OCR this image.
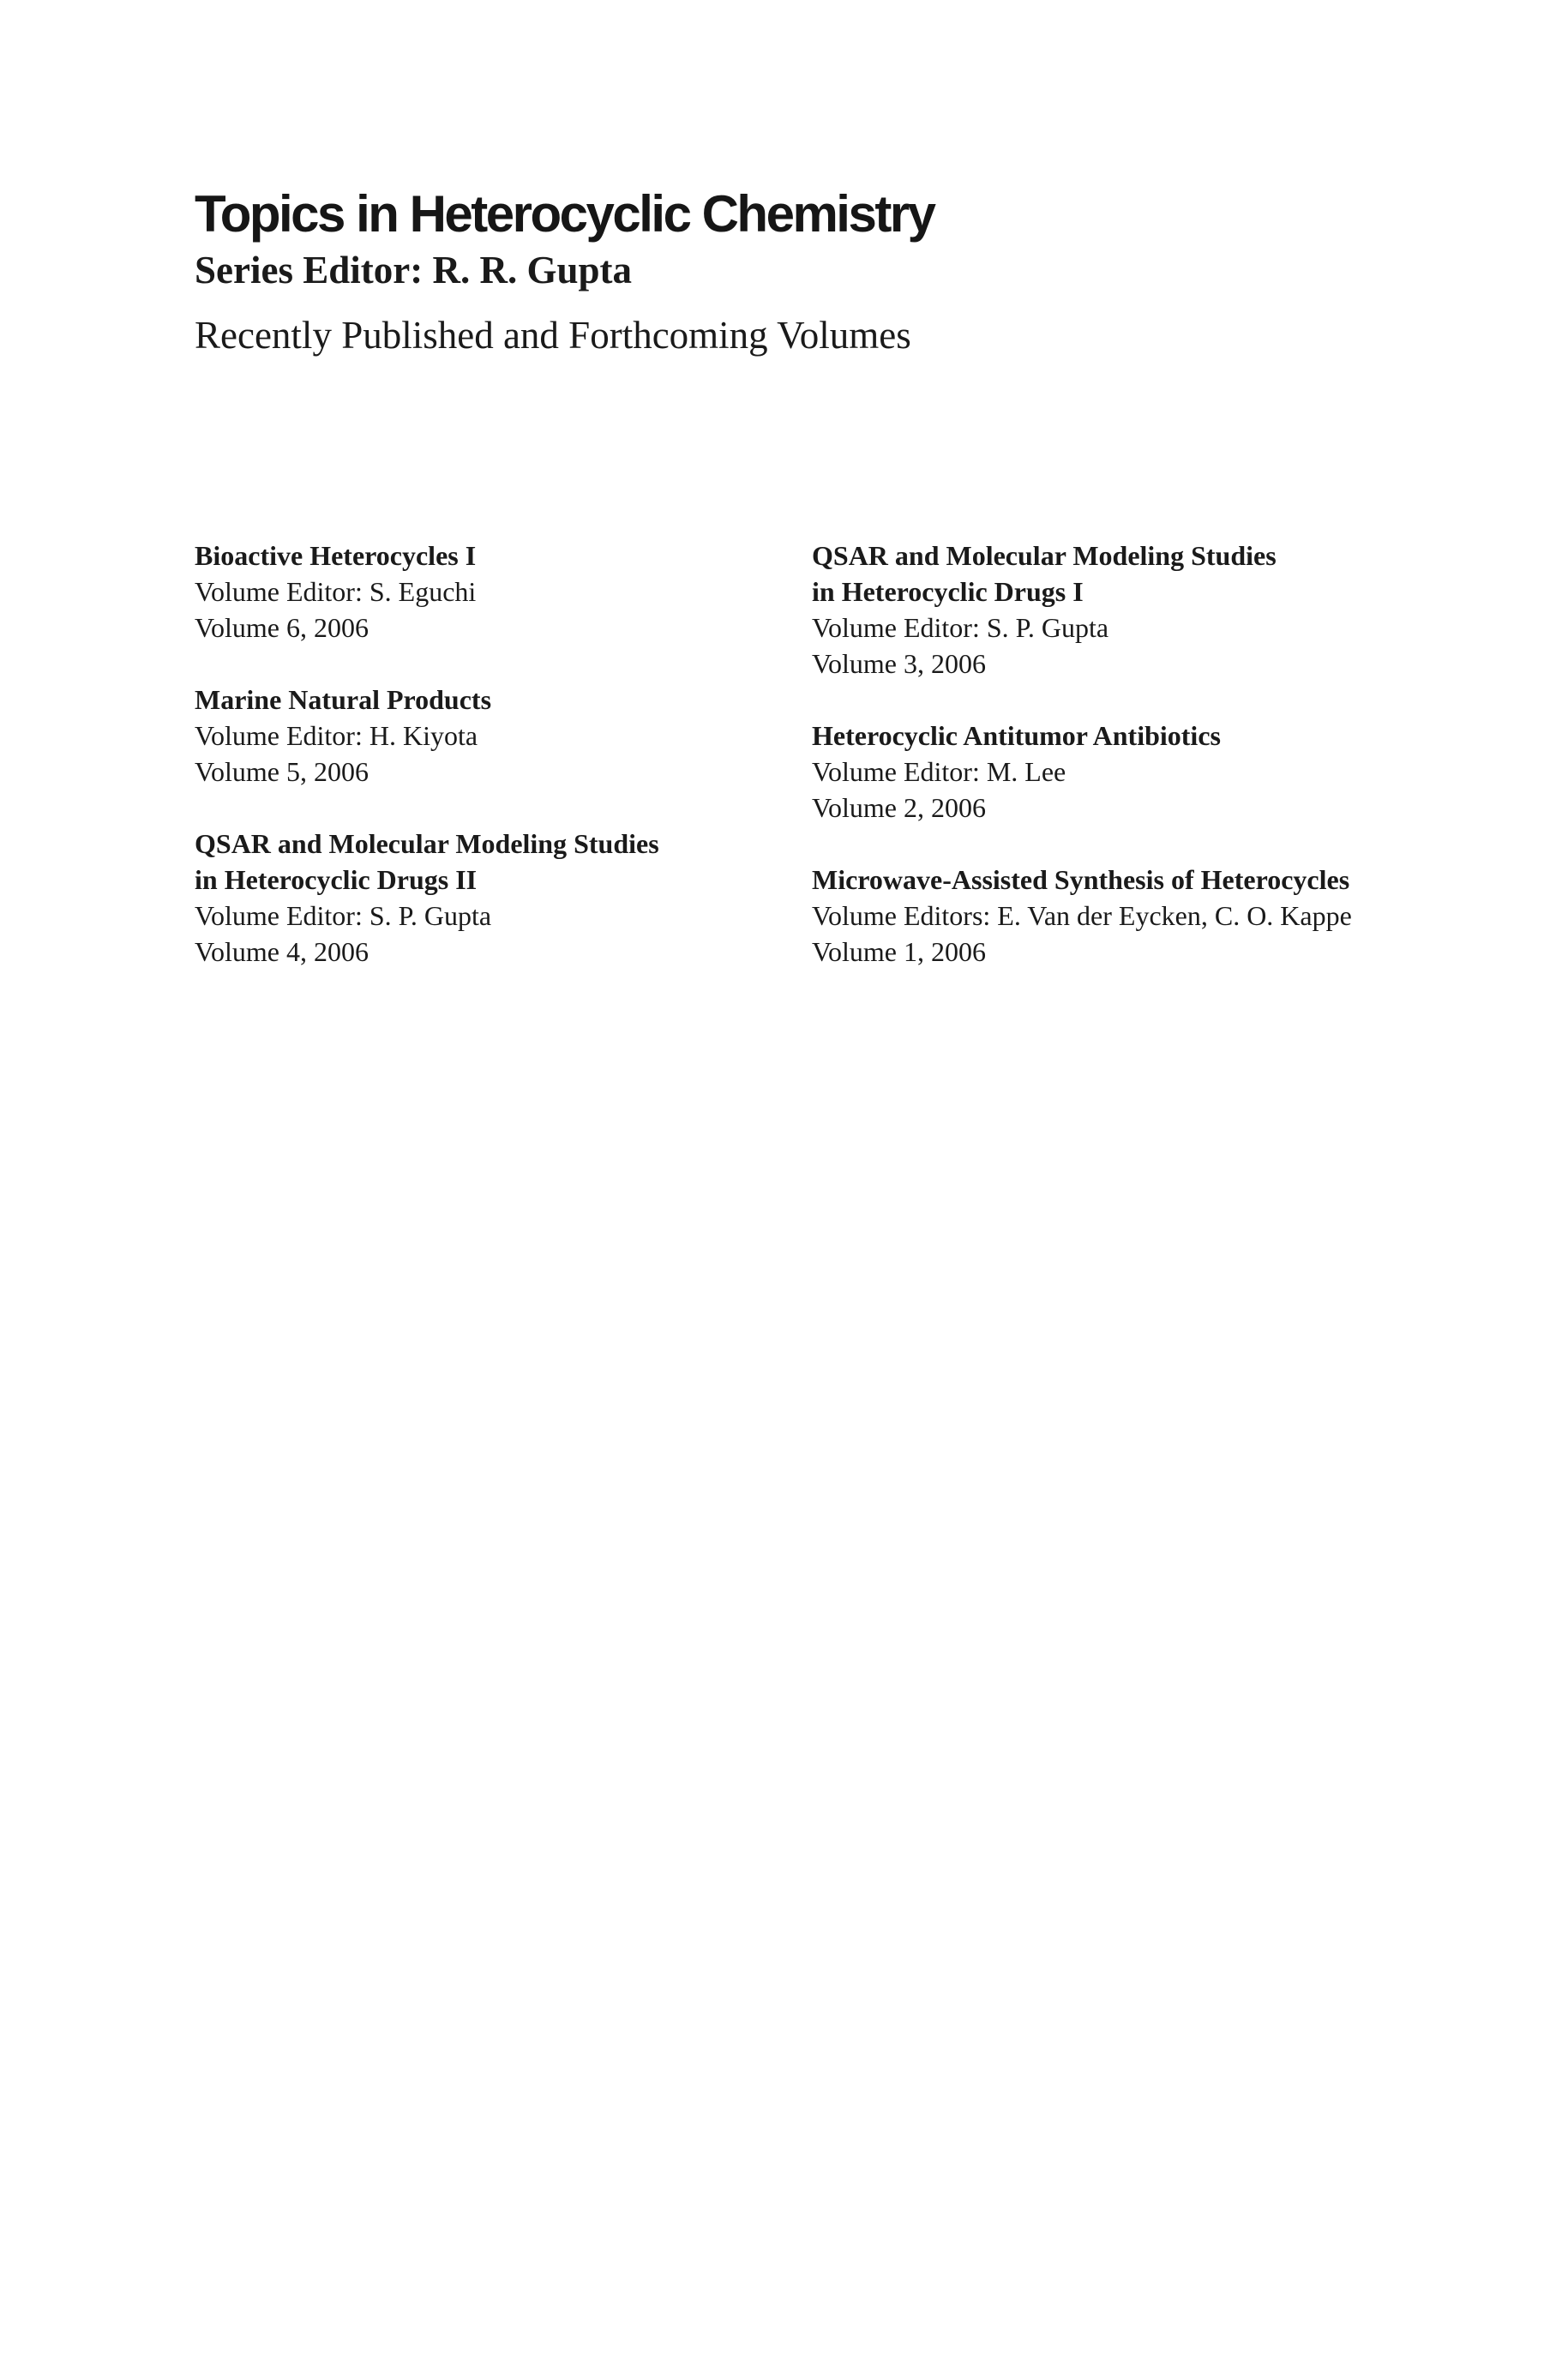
Topics in Heterocyclic Chemistry

Series Editor: R. R. Gupta

Recently Published and Forthcoming Volumes

Bioactive Heterocycles I
Volume Editor: S. Eguchi
Volume 6, 2006
Marine Natural Products
Volume Editor: H. Kiyota
Volume 5, 2006
QSAR and Molecular Modeling Studies
in Heterocyclic Drugs II
Volume Editor: S. P. Gupta
Volume 4, 2006
QSAR and Molecular Modeling Studies
in Heterocyclic Drugs I
Volume Editor: S. P. Gupta
Volume 3, 2006
Heterocyclic Antitumor Antibiotics
Volume Editor: M. Lee
Volume 2, 2006
Microwave-Assisted Synthesis of Heterocycles
Volume Editors: E. Van der Eycken, C. O. Kappe
Volume 1, 2006
